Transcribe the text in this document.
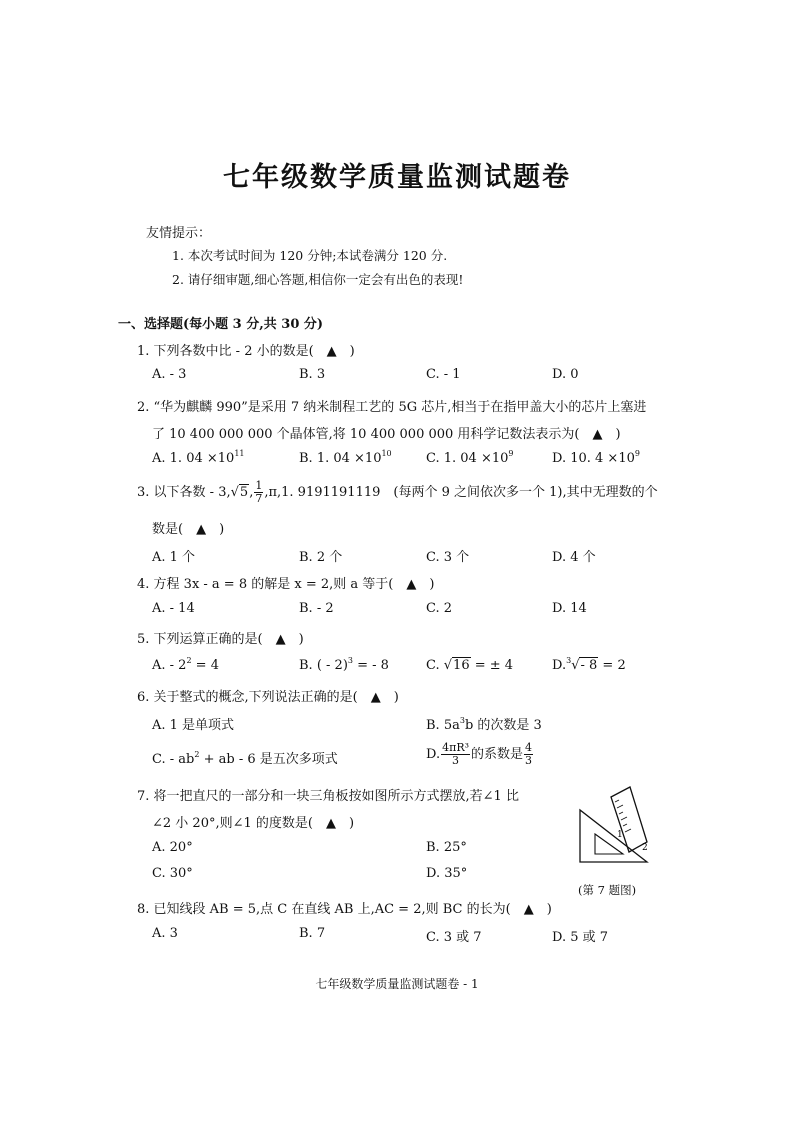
七年级数学质量监测试题卷
友情提示：
1. 本次考试时间为 120 分钟;本试卷满分 120 分.
2. 请仔细审题,细心答题,相信你一定会有出色的表现!
一、选择题(每小题 3 分,共 30 分)
1. 下列各数中比 - 2 小的数是(　▲　)
A. - 3	B. 3	C. - 1	D. 0
2. “华为麒麟 990”是采用 7 纳米制程工艺的 5G 芯片,相当于在指甲盖大小的芯片上塞进
了 10 400 000 000 个晶体管,将 10 400 000 000 用科学记数法表示为(　▲　)
A. 1. $04 \times 10^{11}$	B. 1. $04 \times 10^{10}$	C. 1. $04 \times 10^9$	D. 10. $4 \times 10^9$
3. 以下各数 - 3,√5, $\frac{1}{7} ,\pi,1$. 9191191119　(每两个 9 之间依次多一个 1),其中无理数的个
数是(　▲　)
A. 1 个	B. 2 个	C. 3 个	D. 4 个
4. 方程 3x - a = 8 的解是 x = 2,则 a 等于(　▲　)
A. - 14	B. - 2	C. 2	D. 14
5. 下列运算正确的是(　▲　)
A. - $2^2 = 4$	B. ( - 2)$^3$ = - 8	C. √16 = ± 4	D.$^3$√- 8 = 2
6. 关于整式的概念,下列说法正确的是(　▲　)
A. 1 是单项式	B. $5a^3b$ 的次数是 3
C. - $ab^2$ + ab - 6 是五次多项式	D. $\frac{\text{4πR³}}{3}$ 的系数是 $\frac{4}{3}$
7. 将一把直尺的一部分和一块三角板按如图所示方式摆放,若∠1 比
∠2 小 20°,则∠1 的度数是(　▲　)
A. 20°	B. 25°
C. 30°	D. 35°
1
2
(第 7 题图)
8. 已知线段 AB = 5,点 C 在直线 AB 上,AC = 2,则 BC 的长为(　▲　)
A. 3	B. 7	C. 3 或 7	D. 5 或 7
七年级数学质量监测试题卷 - 1
